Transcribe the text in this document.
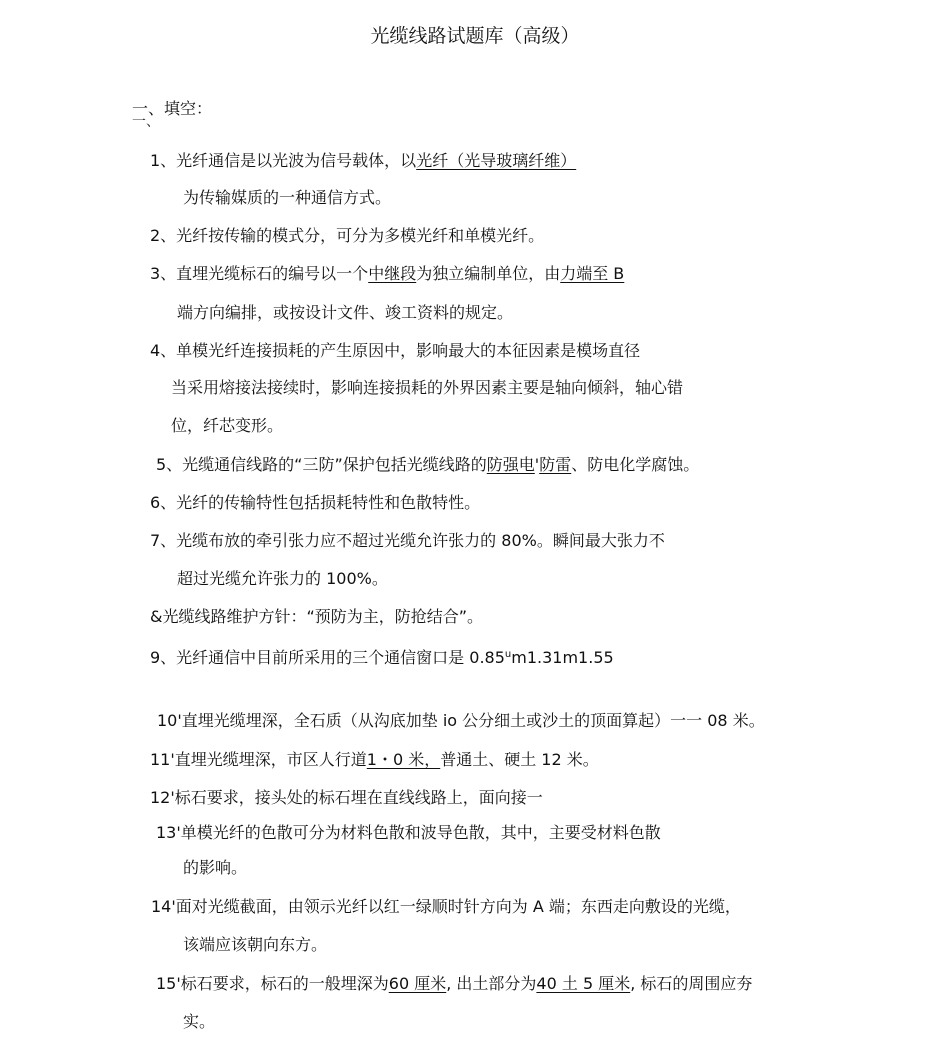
光缆线路试题库（高级）
一、填空：
一、
1、光纤通信是以光波为信号载体，以光纤（光导玻璃纤维）
为传输媒质的一种通信方式。
2、光纤按传输的模式分，可分为多模光纤和单模光纤。
3、直埋光缆标石的编号以一个中继段为独立编制单位，由力端至 B
端方向编排，或按设计文件、竣工资料的规定。
4、单模光纤连接损耗的产生原因中，影响最大的本征因素是模场直径
当采用熔接法接续时，影响连接损耗的外界因素主要是轴向倾斜，轴心错
位，纤芯变形。
5、光缆通信线路的“三防”保护包括光缆线路的防强电'防雷、防电化学腐蚀。
6、光纤的传输特性包括损耗特性和色散特性。
7、光缆布放的牵引张力应不超过光缆允许张力的 80%。瞬间最大张力不
超过光缆允许张力的 100%。
&光缆线路维护方针：“预防为主，防抢结合”。
9、光纤通信中目前所采用的三个通信窗口是 0.85$^u$m1.31m1.55
10'直埋光缆埋深，全石质（从沟底加垫 io 公分细土或沙土的顶面算起）一一 08 米。
11'直埋光缆埋深，市区人行道1・0 米，普通土、硬土 12 米。
12'标石要求，接头处的标石埋在直线线路上，面向接一
13'单模光纤的色散可分为材料色散和波导色散，其中，主要受材料色散
的影响。
14'面对光缆截面，由领示光纤以红一绿顺时针方向为 A 端；东西走向敷设的光缆，
该端应该朝向东方。
15'标石要求，标石的一般埋深为60 厘米, 出土部分为40 土 5 厘米, 标石的周围应夯
实。
